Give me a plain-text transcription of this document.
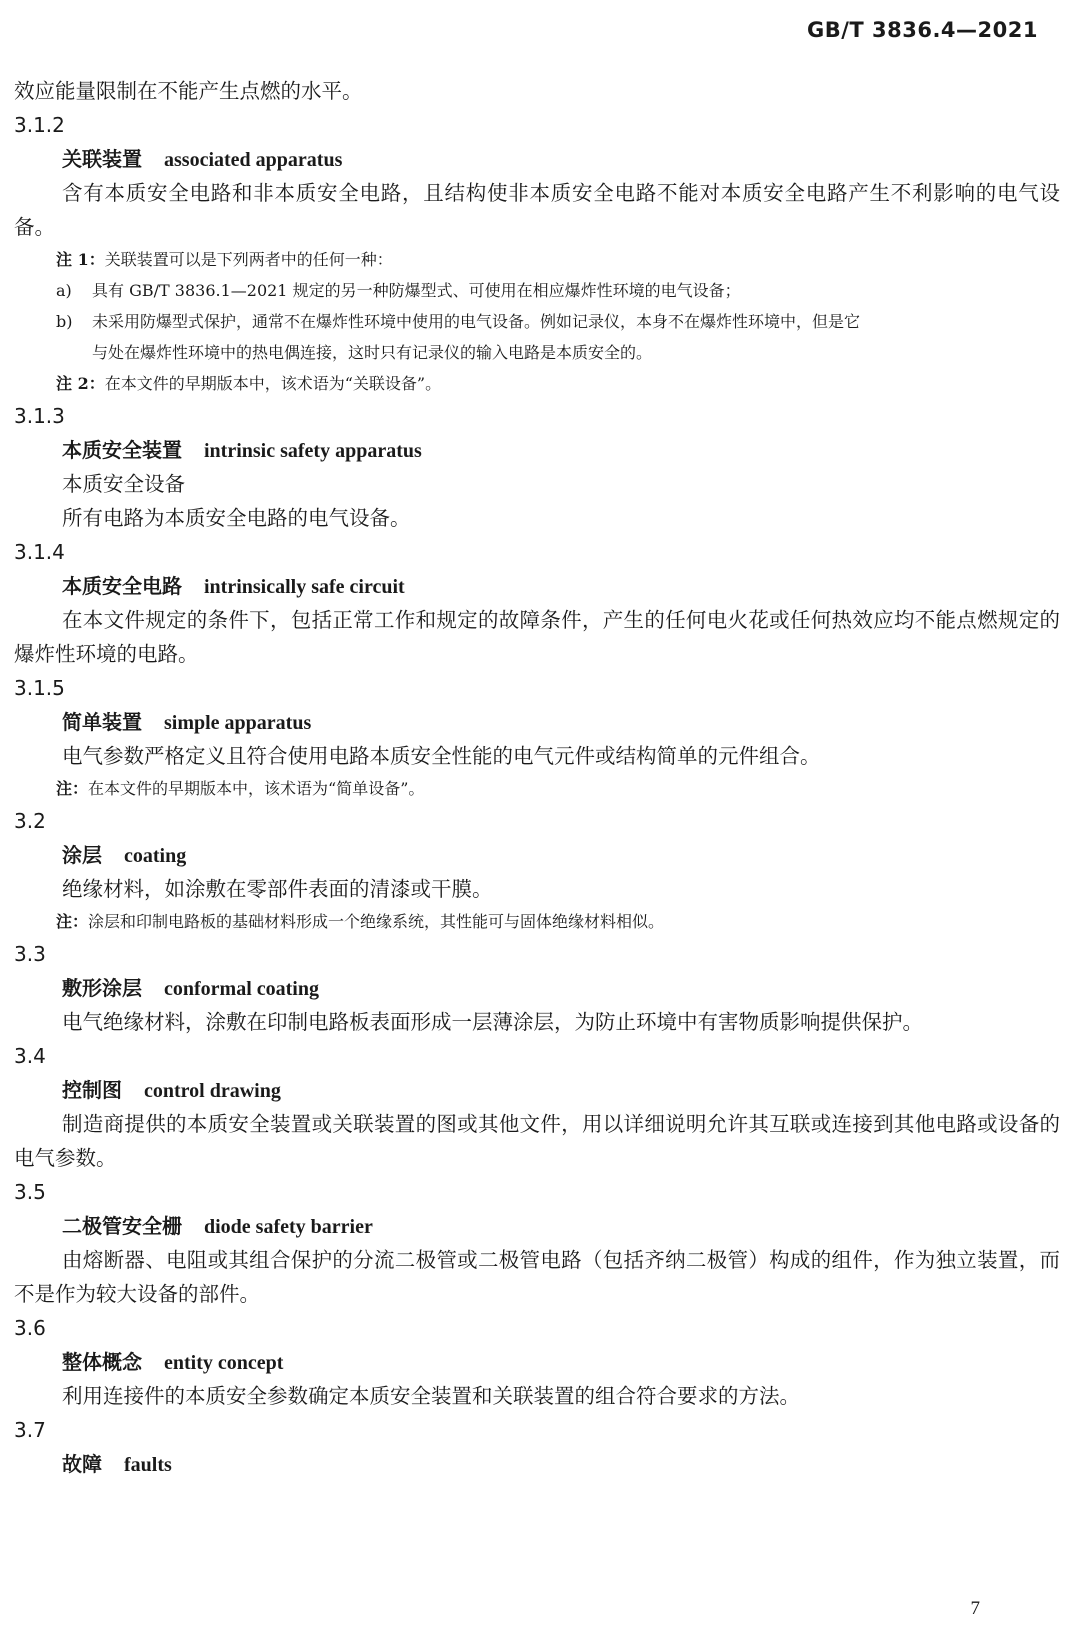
GB/T 3836.4—2021
效应能量限制在不能产生点燃的水平。
3.1.2
关联装置 associated apparatus
含有本质安全电路和非本质安全电路，且结构使非本质安全电路不能对本质安全电路产生不利影响的电气设备。
注 1：关联装置可以是下列两者中的任何一种：
a) 具有 GB/T 3836.1—2021 规定的另一种防爆型式、可使用在相应爆炸性环境的电气设备；
b) 未采用防爆型式保护，通常不在爆炸性环境中使用的电气设备。例如记录仪，本身不在爆炸性环境中，但是它
与处在爆炸性环境中的热电偶连接，这时只有记录仪的输入电路是本质安全的。
注 2：在本文件的早期版本中，该术语为“关联设备”。
3.1.3
本质安全装置 intrinsic safety apparatus
本质安全设备
所有电路为本质安全电路的电气设备。
3.1.4
本质安全电路 intrinsically safe circuit
在本文件规定的条件下，包括正常工作和规定的故障条件，产生的任何电火花或任何热效应均不能点燃规定的爆炸性环境的电路。
3.1.5
简单装置 simple apparatus
电气参数严格定义且符合使用电路本质安全性能的电气元件或结构简单的元件组合。
注：在本文件的早期版本中，该术语为“简单设备”。
3.2
涂层 coating
绝缘材料，如涂敷在零部件表面的清漆或干膜。
注：涂层和印制电路板的基础材料形成一个绝缘系统，其性能可与固体绝缘材料相似。
3.3
敷形涂层 conformal coating
电气绝缘材料，涂敷在印制电路板表面形成一层薄涂层，为防止环境中有害物质影响提供保护。
3.4
控制图 control drawing
制造商提供的本质安全装置或关联装置的图或其他文件，用以详细说明允许其互联或连接到其他电路或设备的电气参数。
3.5
二极管安全栅 diode safety barrier
由熔断器、电阻或其组合保护的分流二极管或二极管电路（包括齐纳二极管）构成的组件，作为独立装置，而不是作为较大设备的部件。
3.6
整体概念 entity concept
利用连接件的本质安全参数确定本质安全装置和关联装置的组合符合要求的方法。
3.7
故障 faults
7
